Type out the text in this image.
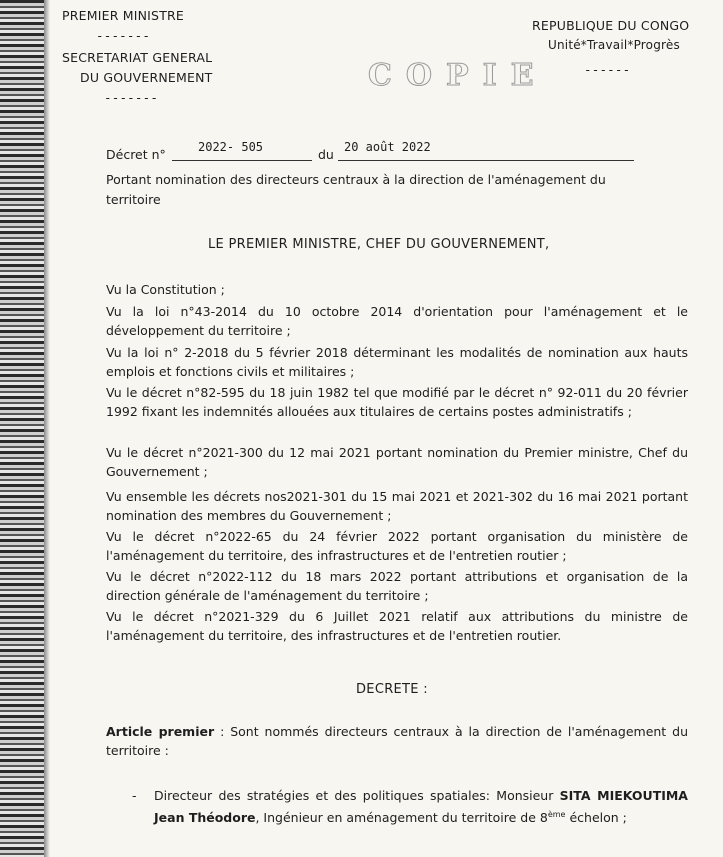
PREMIER MINISTRE
-------
SECRETARIAT GENERAL
DU GOUVERNEMENT
-------
REPUBLIQUE DU CONGO
Unité*Travail*Progrès
------
COPIE
Décret n°	2022- 505	du 20 août 2022
Portant nomination des directeurs centraux à la direction de l'aménagement du
territoire
LE PREMIER MINISTRE, CHEF DU GOUVERNEMENT,
Vu la Constitution ;
Vu la loi n°43-2014 du 10 octobre 2014 d'orientation pour l'aménagement et le développement du territoire ;
Vu la loi n° 2-2018 du 5 février 2018 déterminant les modalités de nomination aux hauts emplois et fonctions civils et militaires ;
Vu le décret n°82-595 du 18 juin 1982 tel que modifié par le décret n° 92-011 du 20 février 1992 fixant les indemnités allouées aux titulaires de certains postes administratifs ;
Vu le décret n°2021-300 du 12 mai 2021 portant nomination du Premier ministre, Chef du Gouvernement ;
Vu ensemble les décrets nos2021-301 du 15 mai 2021 et 2021-302 du 16 mai 2021 portant nomination des membres du Gouvernement ;
Vu le décret n°2022-65 du 24 février 2022 portant organisation du ministère de l'aménagement du territoire, des infrastructures et de l'entretien routier ;
Vu le décret n°2022-112 du 18 mars 2022 portant attributions et organisation de la direction générale de l'aménagement du territoire ;
Vu le décret n°2021-329 du 6 Juillet 2021 relatif aux attributions du ministre de l'aménagement du territoire, des infrastructures et de l'entretien routier.
DECRETE :
Article premier : Sont nommés directeurs centraux à la direction de l'aménagement du territoire :
- Directeur des stratégies et des politiques spatiales: Monsieur SITA MIEKOUTIMA Jean Théodore, Ingénieur en aménagement du territoire de 8ème échelon ;
